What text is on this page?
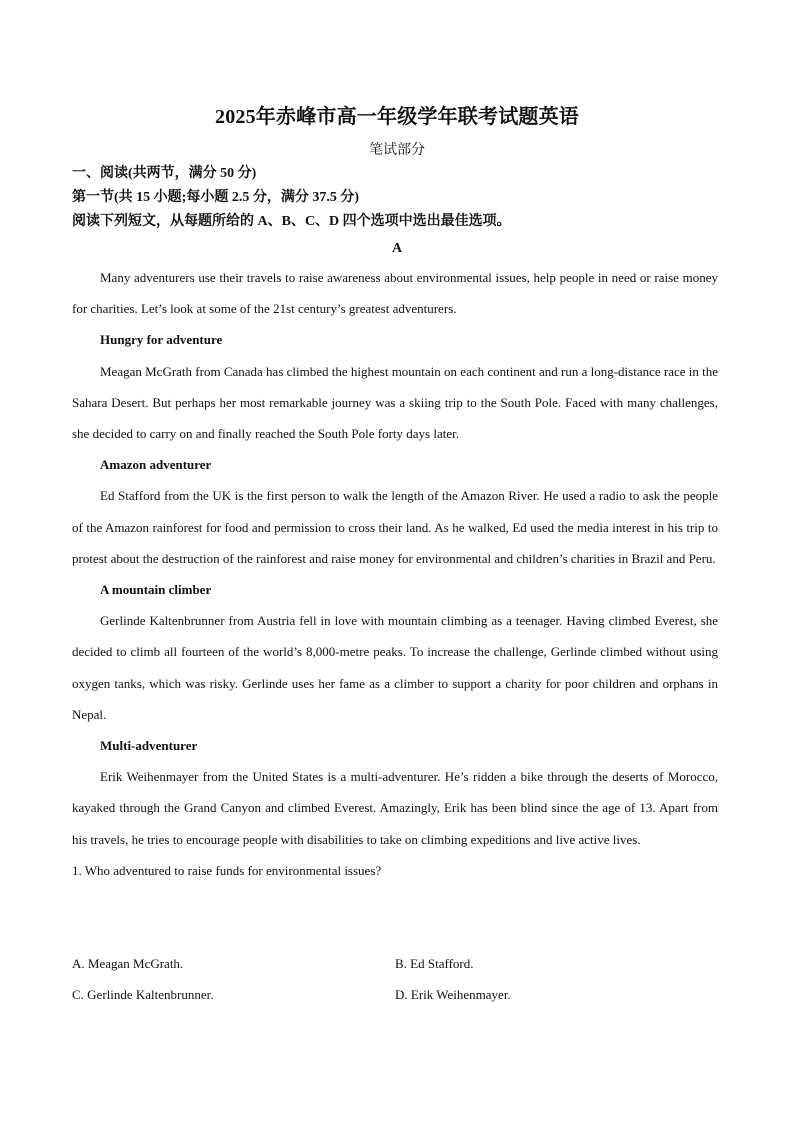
2025年赤峰市高一年级学年联考试题英语
笔试部分
一、阅读(共两节，满分 50 分)
第一节(共 15 小题;每小题 2.5 分，满分 37.5 分)
阅读下列短文，从每题所给的 A、B、C、D 四个选项中选出最佳选项。
A

Many adventurers use their travels to raise awareness about environmental issues, help people in need or raise money for charities. Let’s look at some of the 21st century’s greatest adventurers.

Hungry for adventure

Meagan McGrath from Canada has climbed the highest mountain on each continent and run a long-distance race in the Sahara Desert. But perhaps her most remarkable journey was a skiing trip to the South Pole. Faced with many challenges, she decided to carry on and finally reached the South Pole forty days later.

Amazon adventurer

Ed Stafford from the UK is the first person to walk the length of the Amazon River. He used a radio to ask the people of the Amazon rainforest for food and permission to cross their land. As he walked, Ed used the media interest in his trip to protest about the destruction of the rainforest and raise money for environmental and children’s charities in Brazil and Peru.

A mountain climber

Gerlinde Kaltenbrunner from Austria fell in love with mountain climbing as a teenager. Having climbed Everest, she decided to climb all fourteen of the world’s 8,000-metre peaks. To increase the challenge, Gerlinde climbed without using oxygen tanks, which was risky. Gerlinde uses her fame as a climber to support a charity for poor children and orphans in Nepal.

Multi-adventurer

Erik Weihenmayer from the United States is a multi-adventurer. He’s ridden a bike through the deserts of Morocco, kayaked through the Grand Canyon and climbed Everest. Amazingly, Erik has been blind since the age of 13. Apart from his travels, he tries to encourage people with disabilities to take on climbing expeditions and live active lives.

1. Who adventured to raise funds for environmental issues?

A. Meagan McGrath.	B. Ed Stafford.
C. Gerlinde Kaltenbrunner.	D. Erik Weihenmayer.
